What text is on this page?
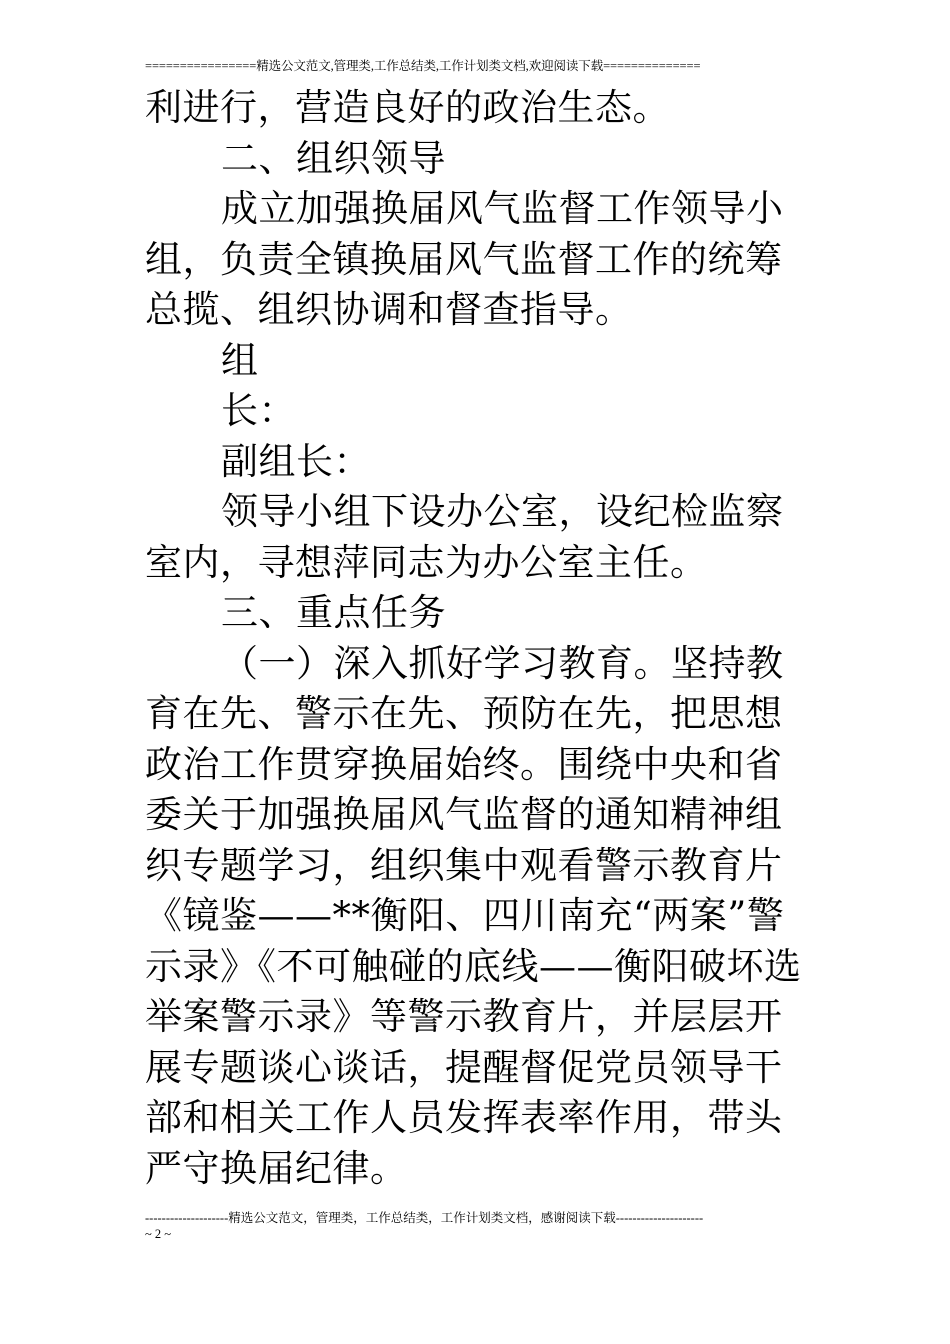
================精选公文范文,管理类,工作总结类,工作计划类文档,欢迎阅读下载==============

利进行，营造良好的政治生态。

二、组织领导

成立加强换届风气监督工作领导小组，负责全镇换届风气监督工作的统筹总揽、组织协调和督查指导。

组

长：

副组长：

领导小组下设办公室，设纪检监察室内，寻想萍同志为办公室主任。

三、重点任务

（一）深入抓好学习教育。坚持教育在先、警示在先、预防在先，把思想政治工作贯穿换届始终。围绕中央和省委关于加强换届风气监督的通知精神组织专题学习，组织集中观看警示教育片《镜鉴——**衡阳、四川南充“两案”警示录》《不可触碰的底线——衡阳破坏选举案警示录》等警示教育片，并层层开展专题谈心谈话，提醒督促党员领导干部和相关工作人员发挥表率作用，带头严守换届纪律。

--------------------精选公文范文，管理类，工作总结类，工作计划类文档，感谢阅读下载---------------------
~ 2 ~
